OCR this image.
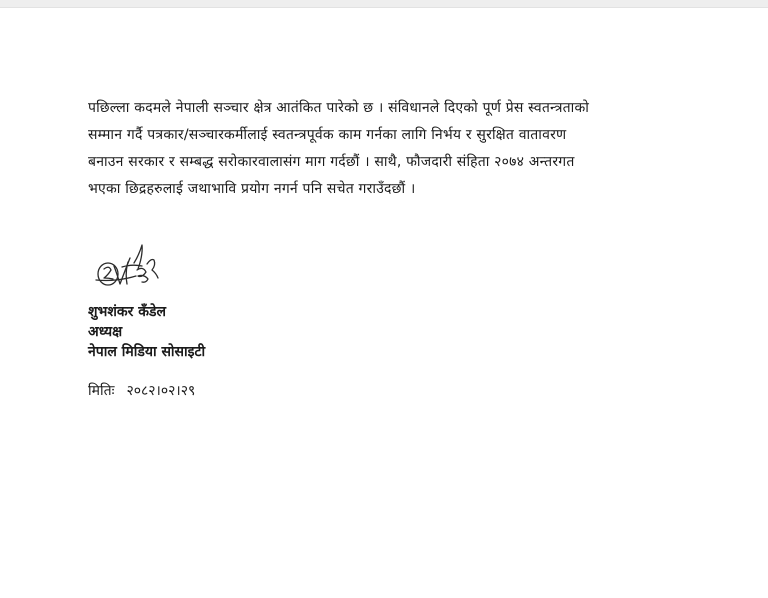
पछिल्ला कदमले नेपाली सञ्चार क्षेत्र आतंकित पारेको छ । संविधानले दिएको पूर्ण प्रेस स्वतन्त्रताको
सम्मान गर्दै पत्रकार/सञ्चारकर्मीलाई स्वतन्त्रपूर्वक काम गर्नका लागि निर्भय र सुरक्षित वातावरण
बनाउन सरकार र सम्बद्ध सरोकारवालासंग माग गर्दछौं । साथै, फौजदारी संहिता २०७४ अन्तरगत
भएका छिद्रहरुलाई जथाभावि प्रयोग नगर्न पनि सचेत गराउँदछौं ।

शुभशंकर कँडेल
अध्यक्ष
नेपाल मिडिया सोसाइटी
मितिः २०८२।०२।२९
